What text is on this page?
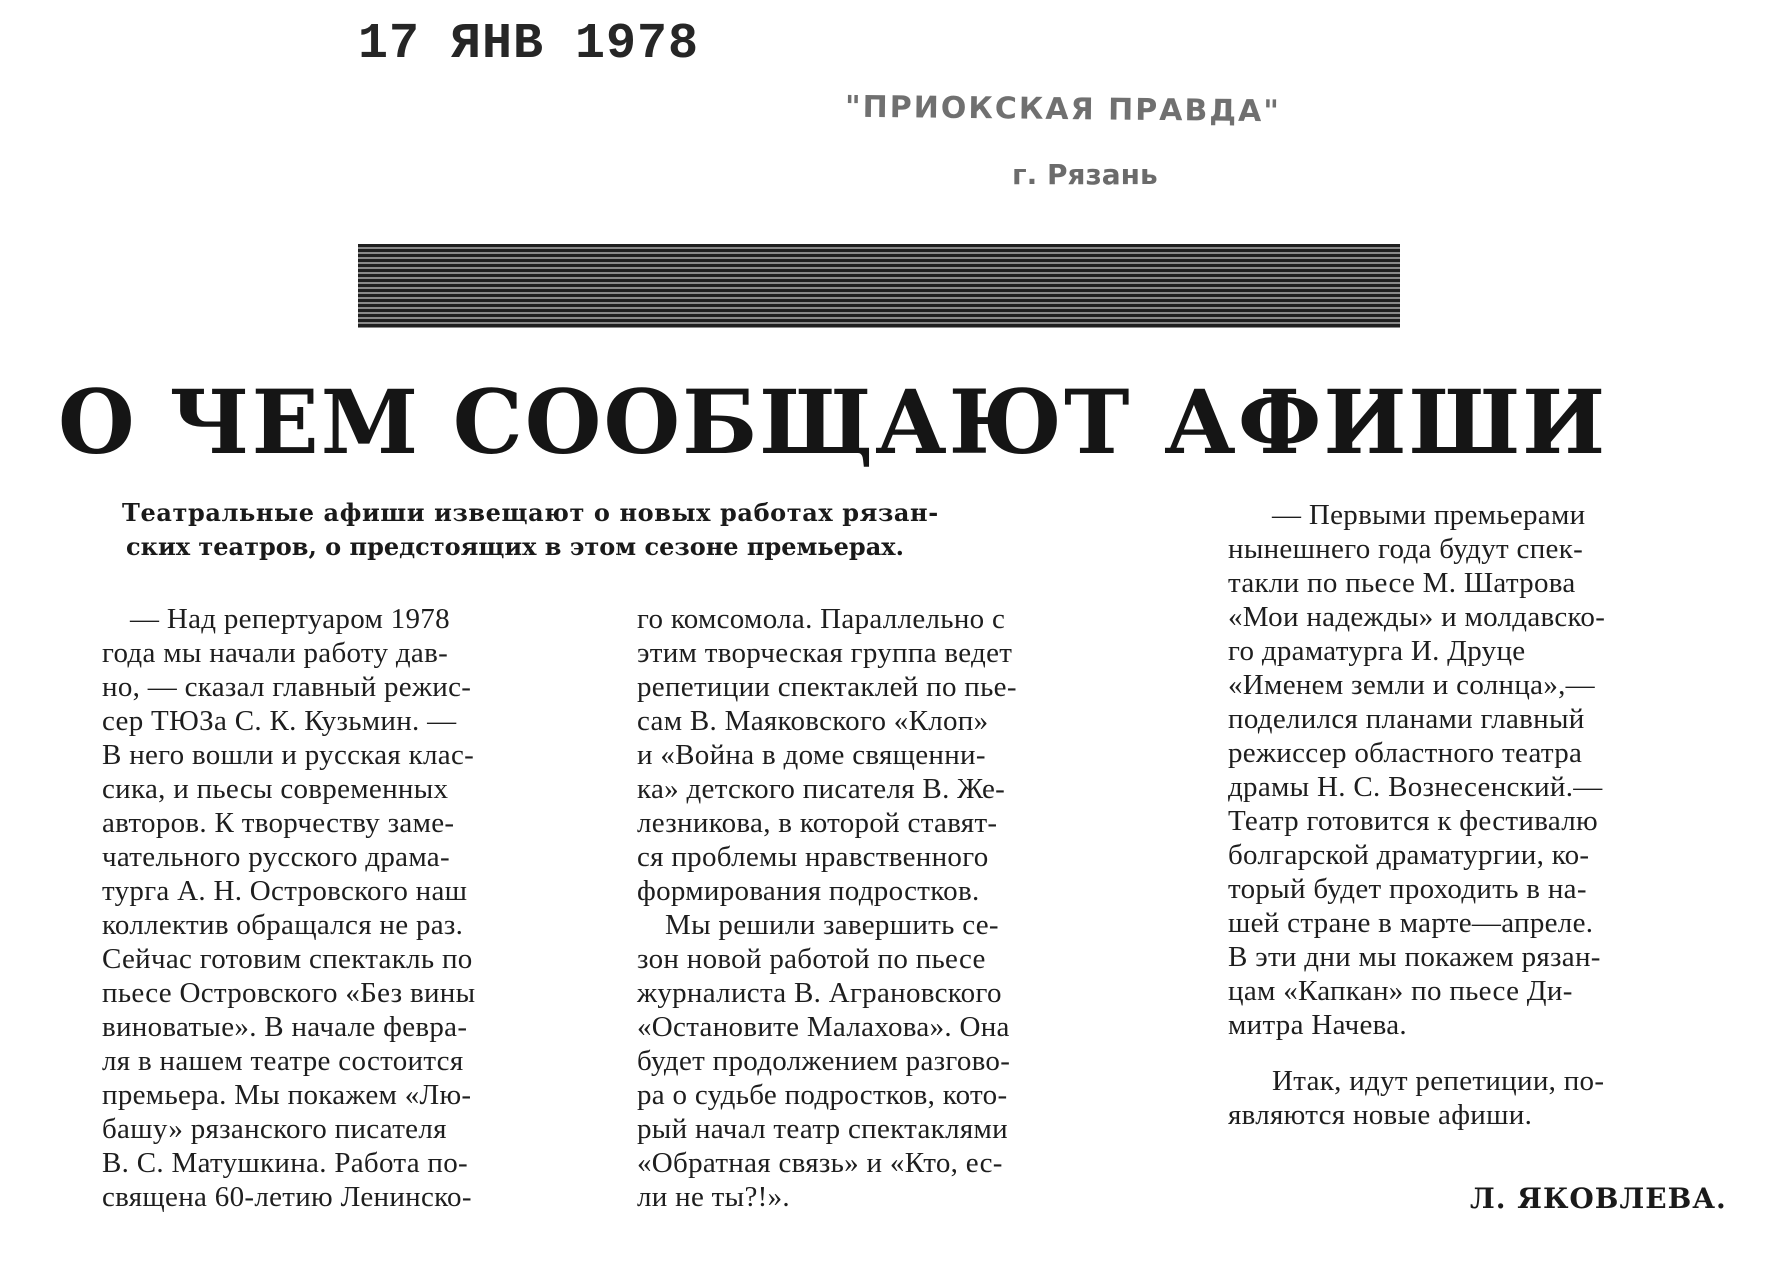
17 ЯНВ 1978
"ПРИОКСКАЯ ПРАВДА"
г. Рязань
О ЧЕМ СООБЩАЮТ АФИШИ

Театральные афиши извещают о новых работах рязан-
ских театров, о предстоящих в этом сезоне премьерах.

— Над репертуаром 1978
года мы начали работу дав-
но, — сказал главный режис-
сер ТЮЗа С. К. Кузьмин. —
В него вошли и русская клас-
сика, и пьесы современных
авторов. К творчеству заме-
чательного русского драма-
турга А. Н. Островского наш
коллектив обращался не раз.
Сейчас готовим спектакль по
пьесе Островского «Без вины
виноватые». В начале февра-
ля в нашем театре состоится
премьера. Мы покажем «Лю-
башу» рязанского писателя
В. С. Матушкина. Работа по-
священа 60-летию Ленинско-
го комсомола. Параллельно с
этим творческая группа ведет
репетиции спектаклей по пье-
сам В. Маяковского «Клоп»
и «Война в доме священни-
ка» детского писателя В. Же-
лезникова, в которой ставят-
ся проблемы нравственного
формирования подростков.
Мы решили завершить се-
зон новой работой по пьесе
журналиста В. Аграновского
«Остановите Малахова». Она
будет продолжением разгово-
ра о судьбе подростков, кото-
рый начал театр спектаклями
«Обратная связь» и «Кто, ес-
ли не ты?!».
— Первыми премьерами
нынешнего года будут спек-
такли по пьесе М. Шатрова
«Мои надежды» и молдавско-
го драматурга И. Друце
«Именем земли и солнца»,—
поделился планами главный
режиссер областного театра
драмы Н. С. Вознесенский.—
Театр готовится к фестивалю
болгарской драматургии, ко-
торый будет проходить в на-
шей стране в марте—апреле.
В эти дни мы покажем рязан-
цам «Капкан» по пьесе Ди-
митра Начева.
Итак, идут репетиции, по-
являются новые афиши.

Л. ЯКОВЛЕВА.
